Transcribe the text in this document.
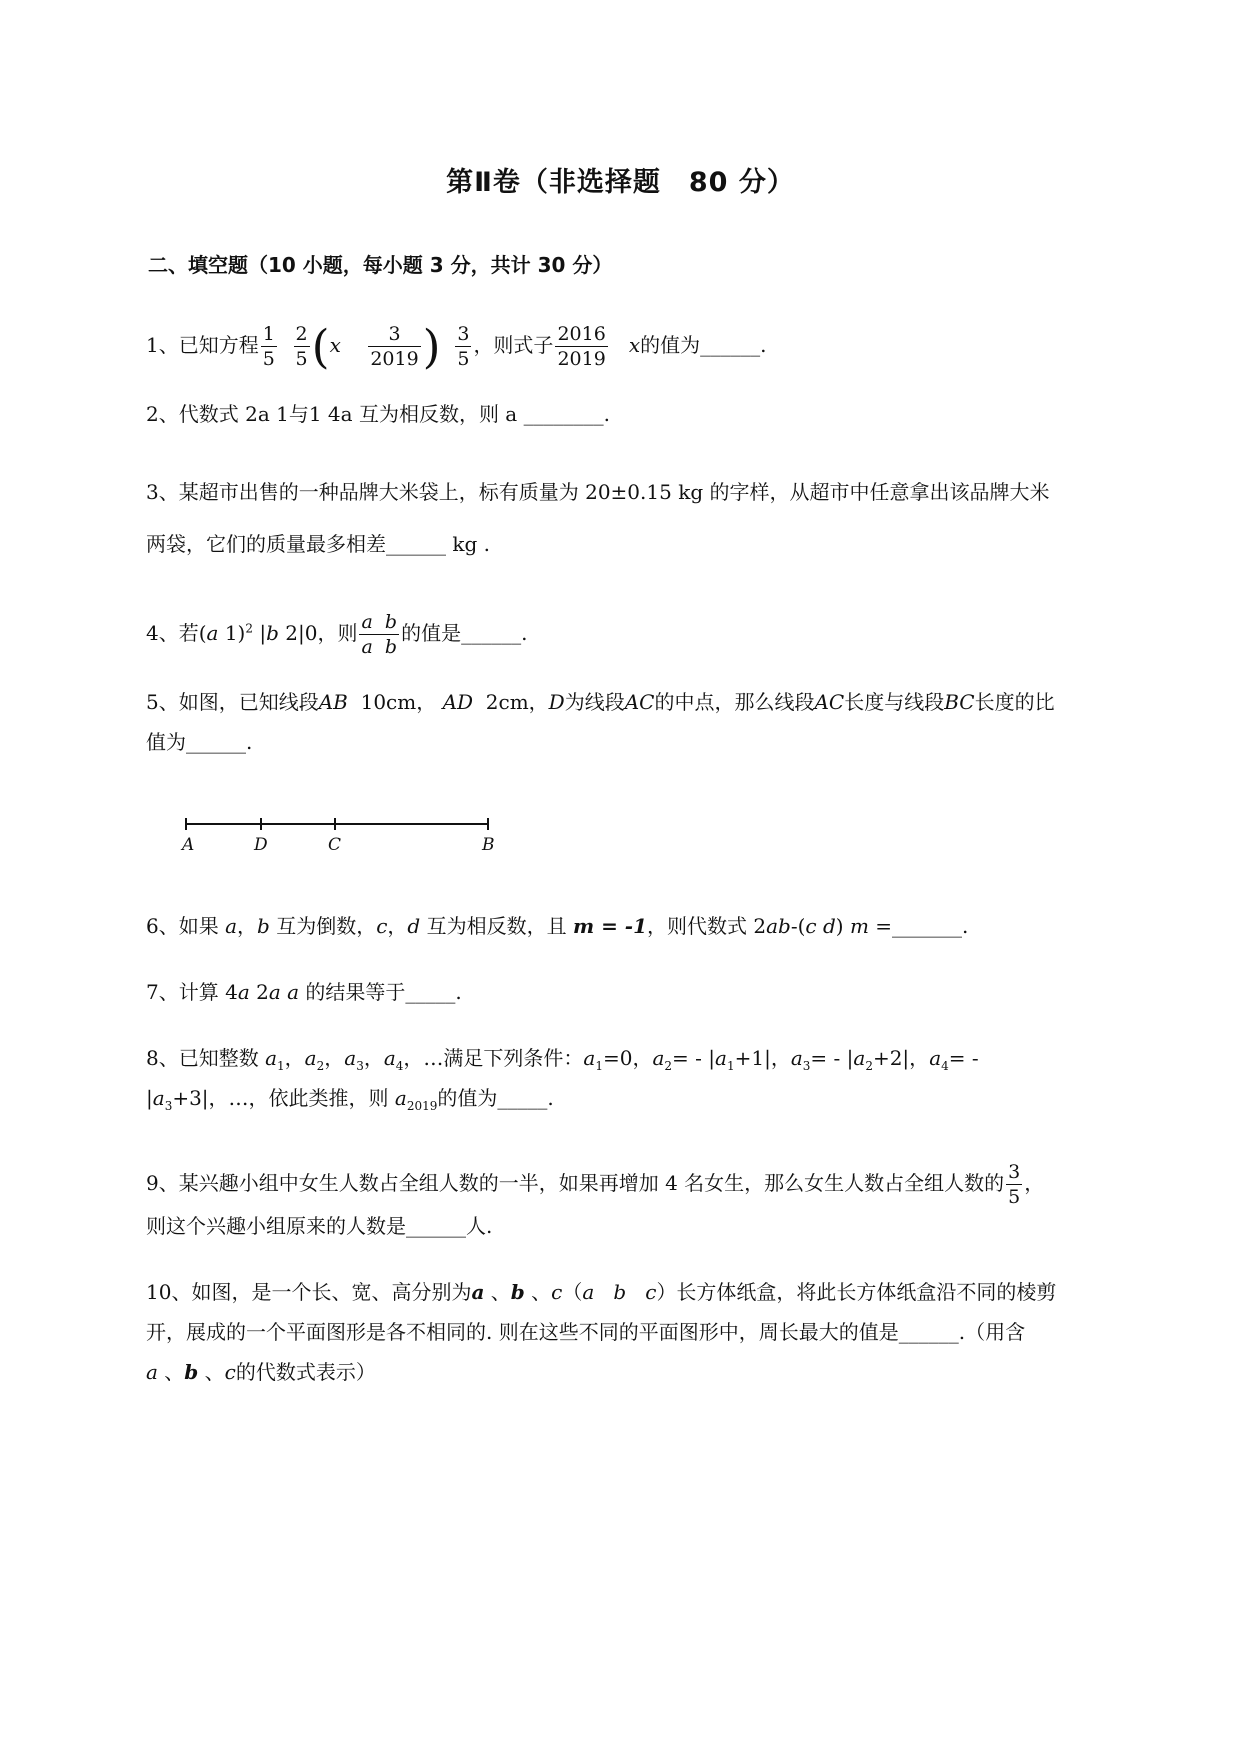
第Ⅱ卷（非选择题　80 分）
二、填空题（10 小题，每小题 3 分，共计 30 分）
1、已知方程 $\frac{1}{5}$
$\frac{2}{5} (x \frac{3}{2019}$ ) $\frac{3}{5}$ ，则式子 $\frac{2016}{2019}$ x的值为______.
2、代数式 2a 1与1 4a 互为相反数，则 a ________.
3、某超市出售的一种品牌大米袋上，标有质量为 20±0.15 kg 的字样，从超市中任意拿出该品牌大米
两袋，它们的质量最多相差______ kg .
4、若(a 1)$^2$ |b 2|0，则 $\frac{\text{a b}}{\text{a b}}$ 的值是______.
5、如图，已知线段AB 10cm， AD 2cm，D为线段AC的中点，那么线段AC长度与线段BC长度的比
值为______.
A	D	C	B
6、如果 a，b 互为倒数，c，d 互为相反数，且 m = -1，则代数式 2ab-(c d) m =_______.
7、计算 4a 2a a 的结果等于_____.
8、已知整数 $a_1$，$a_2$，$a_3$，$a_4$，…满足下列条件：$a_1=0$，$a_2= - |a_1+1|$，$a_3= - |a_2+2|$，$a_4=$ -
$|a_3+3|$，…，依此类推，则 $a_{2019}$的值为_____.
9、某兴趣小组中女生人数占全组人数的一半，如果再增加 4 名女生，那么女生人数占全组人数的 $\frac{3}{5}$ ，
则这个兴趣小组原来的人数是______人.
10、如图，是一个长、宽、高分别为a 、b 、c（a b c）长方体纸盒，将此长方体纸盒沿不同的棱剪
开，展成的一个平面图形是各不相同的. 则在这些不同的平面图形中，周长最大的值是______.（用含
a 、b 、c的代数式表示）
